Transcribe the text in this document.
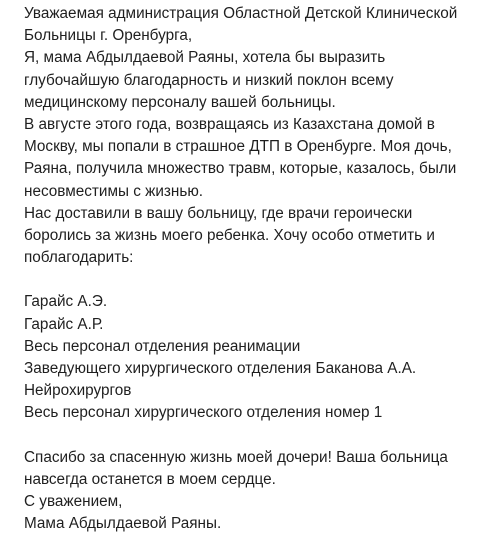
Уважаемая администрация Областной Детской Клинической
Больницы г. Оренбурга,
Я, мама Абдылдаевой Раяны, хотела бы выразить
глубочайшую благодарность и низкий поклон всему
медицинскому персоналу вашей больницы.
В августе этого года, возвращаясь из Казахстана домой в
Москву, мы попали в страшное ДТП в Оренбурге. Моя дочь,
Раяна, получила множество травм, которые, казалось, были
несовместимы с жизнью.
Нас доставили в вашу больницу, где врачи героически
боролись за жизнь моего ребенка. Хочу особо отметить и
поблагодарить:
Гарайс А.Э.
Гарайс А.Р.
Весь персонал отделения реанимации
Заведующего хирургического отделения Баканова А.А.
Нейрохирургов
Весь персонал хирургического отделения номер 1
Спасибо за спасенную жизнь моей дочери! Ваша больница
навсегда останется в моем сердце.
С уважением,
Мама Абдылдаевой Раяны.
